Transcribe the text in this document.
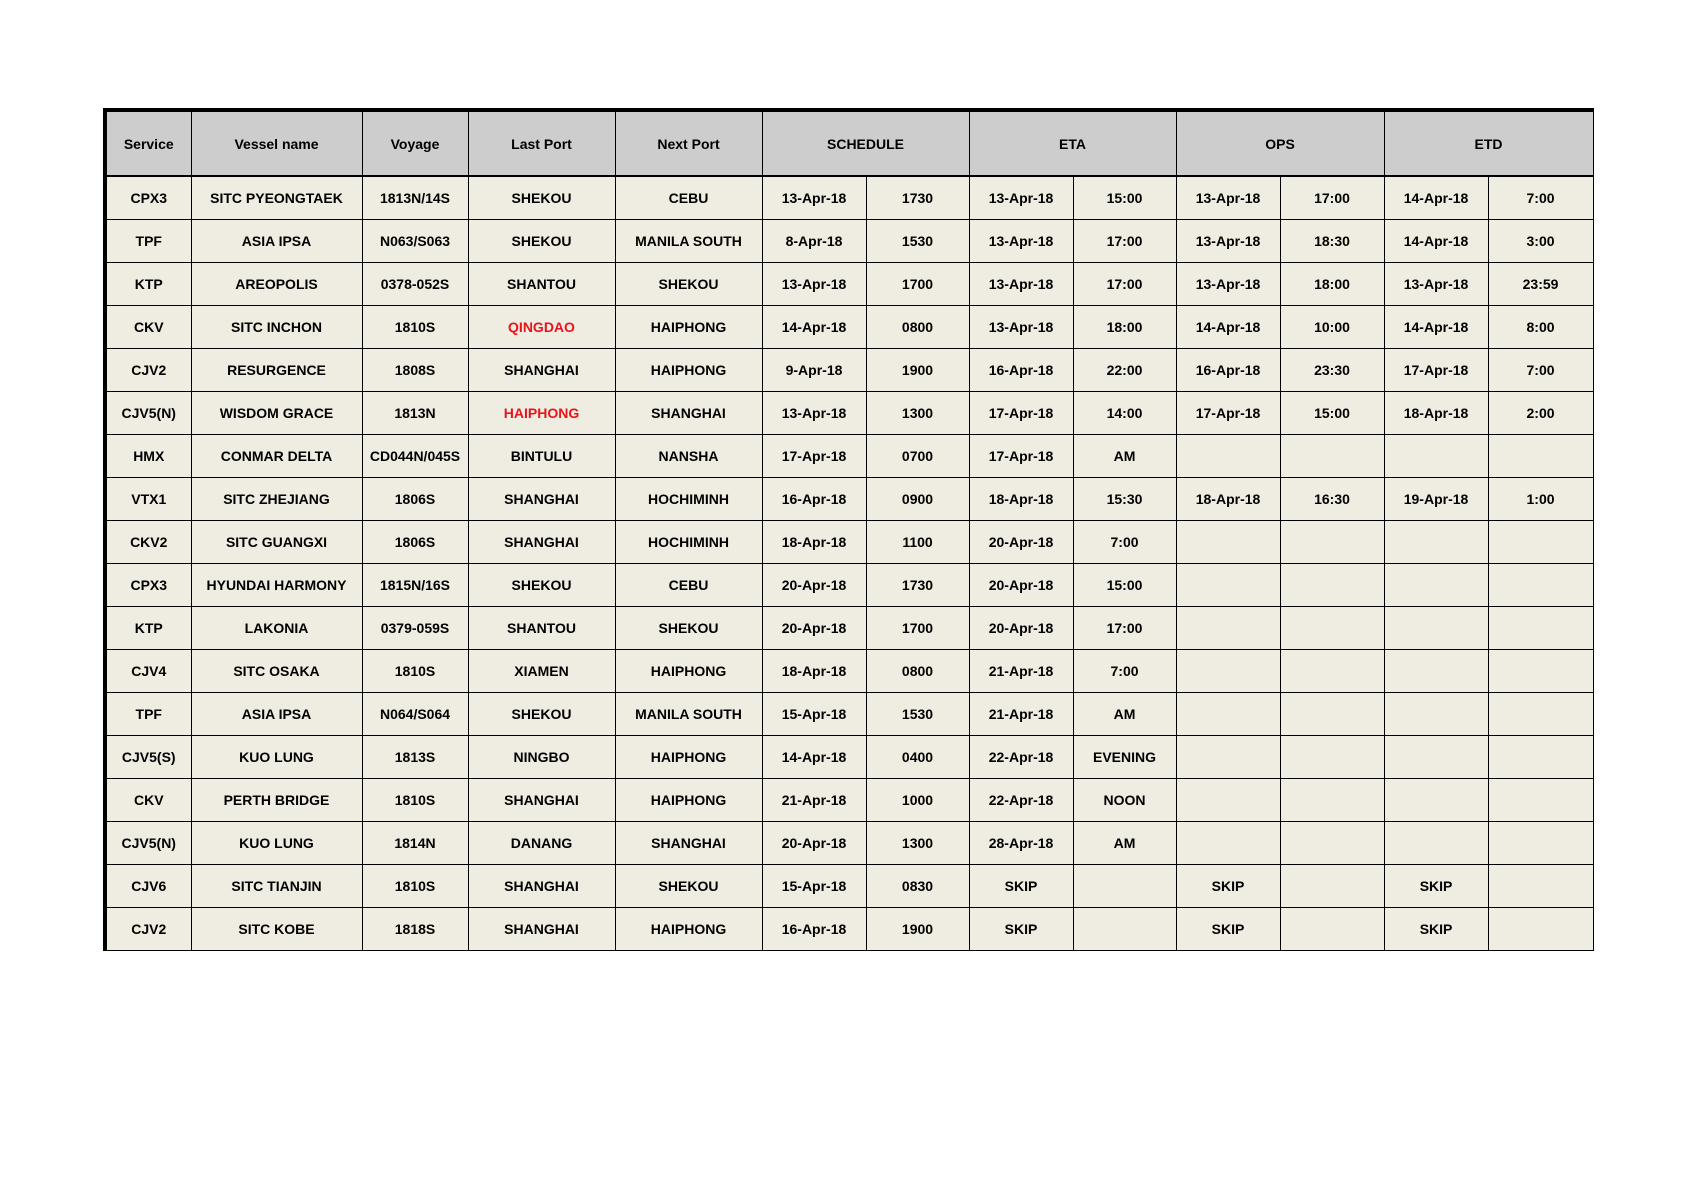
Service	Vessel name	Voyage	Last Port	Next Port	SCHEDULE		ETA		OPS		ETD	
CPX3	SITC PYEONGTAEK	1813N/14S	SHEKOU	CEBU	13-Apr-18	1730	13-Apr-18	15:00	13-Apr-18	17:00	14-Apr-18	7:00
TPF	ASIA IPSA	N063/S063	SHEKOU	MANILA SOUTH	8-Apr-18	1530	13-Apr-18	17:00	13-Apr-18	18:30	14-Apr-18	3:00
KTP	AREOPOLIS	0378-052S	SHANTOU	SHEKOU	13-Apr-18	1700	13-Apr-18	17:00	13-Apr-18	18:00	13-Apr-18	23:59
CKV	SITC INCHON	1810S	QINGDAO	HAIPHONG	14-Apr-18	0800	13-Apr-18	18:00	14-Apr-18	10:00	14-Apr-18	8:00
CJV2	RESURGENCE	1808S	SHANGHAI	HAIPHONG	9-Apr-18	1900	16-Apr-18	22:00	16-Apr-18	23:30	17-Apr-18	7:00
CJV5(N)	WISDOM GRACE	1813N	HAIPHONG	SHANGHAI	13-Apr-18	1300	17-Apr-18	14:00	17-Apr-18	15:00	18-Apr-18	2:00
HMX	CONMAR DELTA	CD044N/045S	BINTULU	NANSHA	17-Apr-18	0700	17-Apr-18	AM				
VTX1	SITC ZHEJIANG	1806S	SHANGHAI	HOCHIMINH	16-Apr-18	0900	18-Apr-18	15:30	18-Apr-18	16:30	19-Apr-18	1:00
CKV2	SITC GUANGXI	1806S	SHANGHAI	HOCHIMINH	18-Apr-18	1100	20-Apr-18	7:00				
CPX3	HYUNDAI HARMONY	1815N/16S	SHEKOU	CEBU	20-Apr-18	1730	20-Apr-18	15:00				
KTP	LAKONIA	0379-059S	SHANTOU	SHEKOU	20-Apr-18	1700	20-Apr-18	17:00				
CJV4	SITC OSAKA	1810S	XIAMEN	HAIPHONG	18-Apr-18	0800	21-Apr-18	7:00				
TPF	ASIA IPSA	N064/S064	SHEKOU	MANILA SOUTH	15-Apr-18	1530	21-Apr-18	AM				
CJV5(S)	KUO LUNG	1813S	NINGBO	HAIPHONG	14-Apr-18	0400	22-Apr-18	EVENING				
CKV	PERTH BRIDGE	1810S	SHANGHAI	HAIPHONG	21-Apr-18	1000	22-Apr-18	NOON				
CJV5(N)	KUO LUNG	1814N	DANANG	SHANGHAI	20-Apr-18	1300	28-Apr-18	AM				
CJV6	SITC TIANJIN	1810S	SHANGHAI	SHEKOU	15-Apr-18	0830	SKIP		SKIP		SKIP	
CJV2	SITC KOBE	1818S	SHANGHAI	HAIPHONG	16-Apr-18	1900	SKIP		SKIP		SKIP	
